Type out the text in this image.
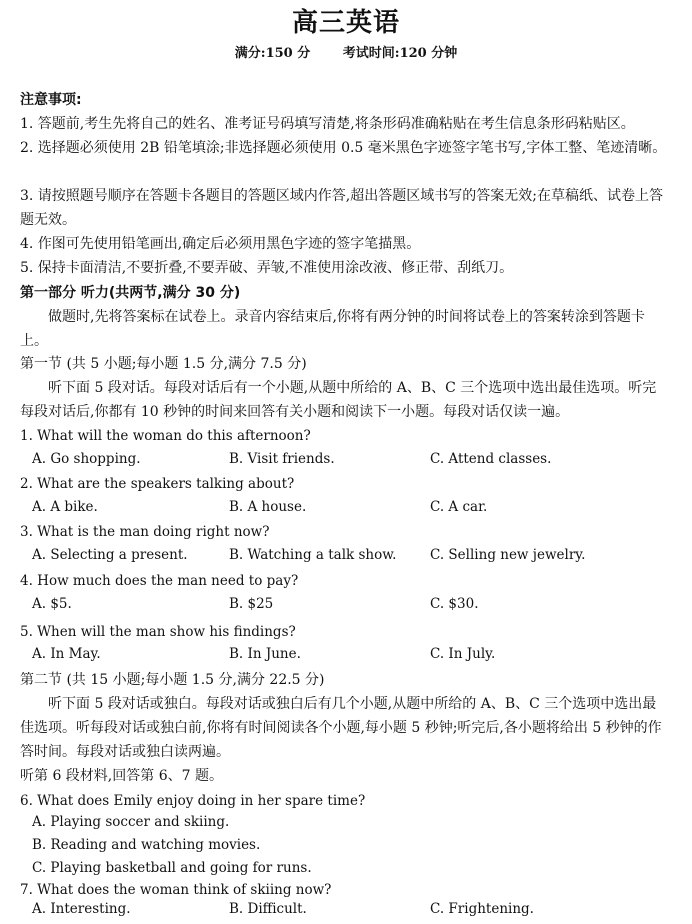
高三英语
满分:150 分	考试时间:120 分钟
注意事项:
1. 答题前,考生先将自己的姓名、准考证号码填写清楚,将条形码准确粘贴在考生信息条形码粘贴区。
2. 选择题必须使用 2B 铅笔填涂;非选择题必须使用 0.5 毫米黑色字迹签字笔书写,字体工整、笔迹清晰。
3. 请按照题号顺序在答题卡各题目的答题区域内作答,超出答题区域书写的答案无效;在草稿纸、试卷上答题无效。
4. 作图可先使用铅笔画出,确定后必须用黑色字迹的签字笔描黑。
5. 保持卡面清洁,不要折叠,不要弄破、弄皱,不准使用涂改液、修正带、刮纸刀。
第一部分 听力(共两节,满分 30 分)
做题时,先将答案标在试卷上。录音内容结束后,你将有两分钟的时间将试卷上的答案转涂到答题卡上。
第一节 (共 5 小题;每小题 1.5 分,满分 7.5 分)
听下面 5 段对话。每段对话后有一个小题,从题中所给的 A、B、C 三个选项中选出最佳选项。听完每段对话后,你都有 10 秒钟的时间来回答有关小题和阅读下一小题。每段对话仅读一遍。
1. What will the woman do this afternoon?
A. Go shopping.	B. Visit friends.	C. Attend classes.
2. What are the speakers talking about?
A. A bike.	B. A house.	C. A car.
3. What is the man doing right now?
A. Selecting a present.	B. Watching a talk show. C. Selling new jewelry.
4. How much does the man need to pay?
A. $5.	B. $25	C. $30.
5. When will the man show his findings?
A. In May.	B. In June.	C. In July.
第二节 (共 15 小题;每小题 1.5 分,满分 22.5 分)
听下面 5 段对话或独白。每段对话或独白后有几个小题,从题中所给的 A、B、C 三个选项中选出最佳选项。听每段对话或独白前,你将有时间阅读各个小题,每小题 5 秒钟;听完后,各小题将给出 5 秒钟的作答时间。每段对话或独白读两遍。
听第 6 段材料,回答第 6、7 题。
6. What does Emily enjoy doing in her spare time?
A. Playing soccer and skiing.
B. Reading and watching movies.
C. Playing basketball and going for runs.
7. What does the woman think of skiing now?
A. Interesting.	B. Difficult.	C. Frightening.
